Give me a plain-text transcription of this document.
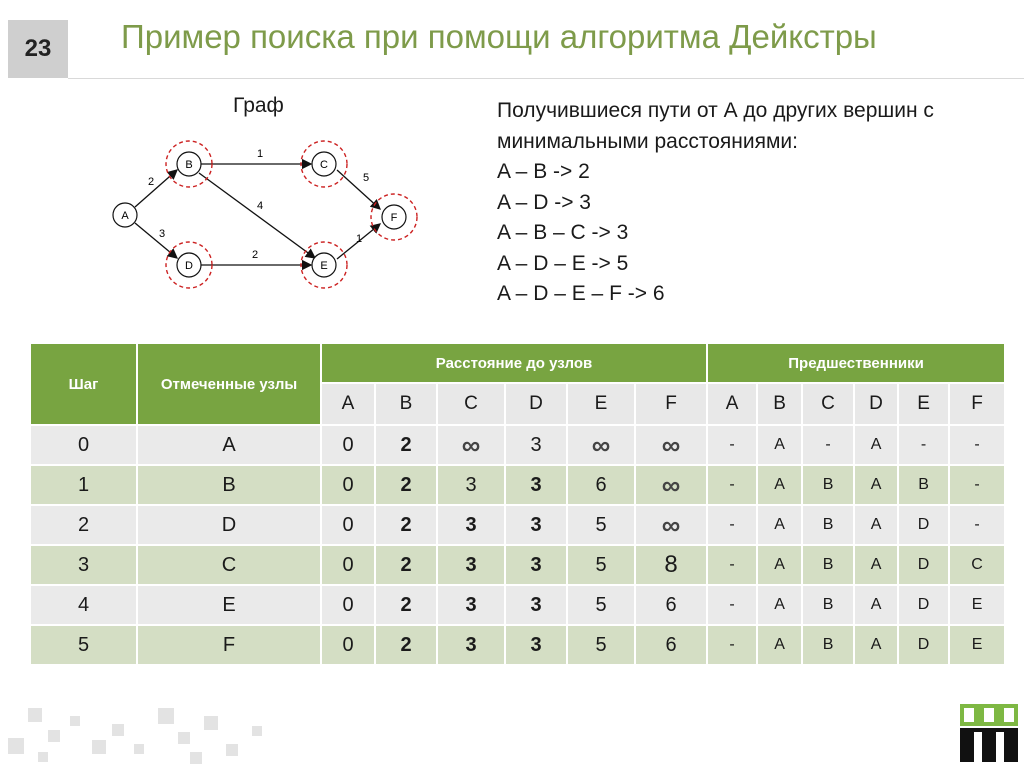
23	Пример поиска при помощи алгоритма Дейкстры
Граф
1
2
4
5
3
2
1
A
B	C
D	E
F
Получившиеся пути от А до других вершин с
минимальными расстояниями:
A – B -> 2
A – D -> 3
A – B – C -> 3
A – D – E -> 5
A – D – E – F -> 6
Шаг	Отмеченные узлы	Расстояние до узлов						Предшественники					
		A	B	C	D	E	F	A	B	C	D	E	F
0	A	0	2	∞	3	∞	∞	-	A	-	A	-	-
1	B	0	2	3	3	6	∞	-	A	B	A	B	-
2	D	0	2	3	3	5	∞	-	A	B	A	D	-
3	C	0	2	3	3	5	8	-	A	B	A	D	C
4	E	0	2	3	3	5	6	-	A	B	A	D	E
5	F	0	2	3	3	5	6	-	A	B	A	D	E
